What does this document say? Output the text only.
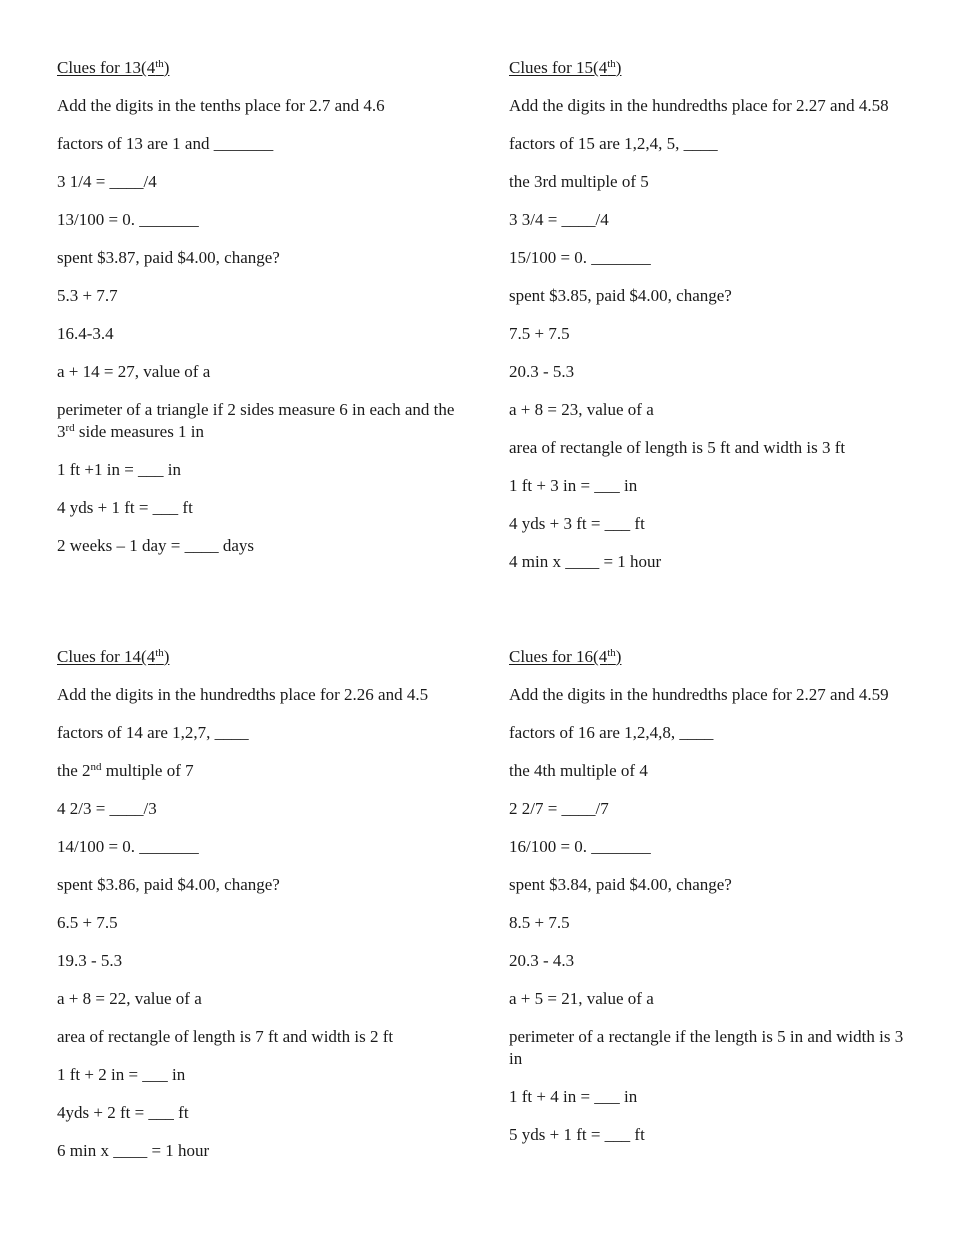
Clues for 13(4th)

Add the digits in the tenths place for 2.7 and 4.6

factors of 13 are 1 and _______

3 1/4 = ____/4

13/100 = 0. _______

spent $3.87, paid $4.00, change?

5.3 + 7.7

16.4-3.4

a + 14 = 27, value of a

perimeter of a triangle if 2 sides measure 6 in each and the 3rd side measures 1 in

1 ft +1 in = ___ in

4 yds + 1 ft = ___ ft

2 weeks – 1 day = ____ days

Clues for 15(4th)

Add the digits in the hundredths place for 2.27 and 4.58

factors of 15 are 1,2,4, 5, ____

the 3rd multiple of 5

3 3/4 = ____/4

15/100 = 0. _______

spent $3.85, paid $4.00, change?

7.5 + 7.5

20.3 - 5.3

a + 8 = 23, value of a

area of rectangle of length is 5 ft and width is 3 ft

1 ft + 3 in = ___ in

4 yds + 3 ft = ___ ft

4 min x ____ = 1 hour

Clues for 14(4th)

Add the digits in the hundredths place for 2.26 and 4.5

factors of 14 are 1,2,7, ____

the 2nd multiple of 7

4 2/3 = ____/3

14/100 = 0. _______

spent $3.86, paid $4.00, change?

6.5 + 7.5

19.3 - 5.3

a + 8 = 22, value of a

area of rectangle of length is 7 ft and width is 2 ft

1 ft + 2 in = ___ in

4yds + 2 ft = ___ ft

6 min x ____ = 1 hour

Clues for 16(4th)

Add the digits in the hundredths place for 2.27 and 4.59

factors of 16 are 1,2,4,8, ____

the 4th multiple of 4

2 2/7 = ____/7

16/100 = 0. _______

spent $3.84, paid $4.00, change?

8.5 + 7.5

20.3 - 4.3

a + 5 = 21, value of a

perimeter of a rectangle if the length is 5 in and width is 3 in

1 ft + 4 in = ___ in

5 yds + 1 ft = ___ ft
